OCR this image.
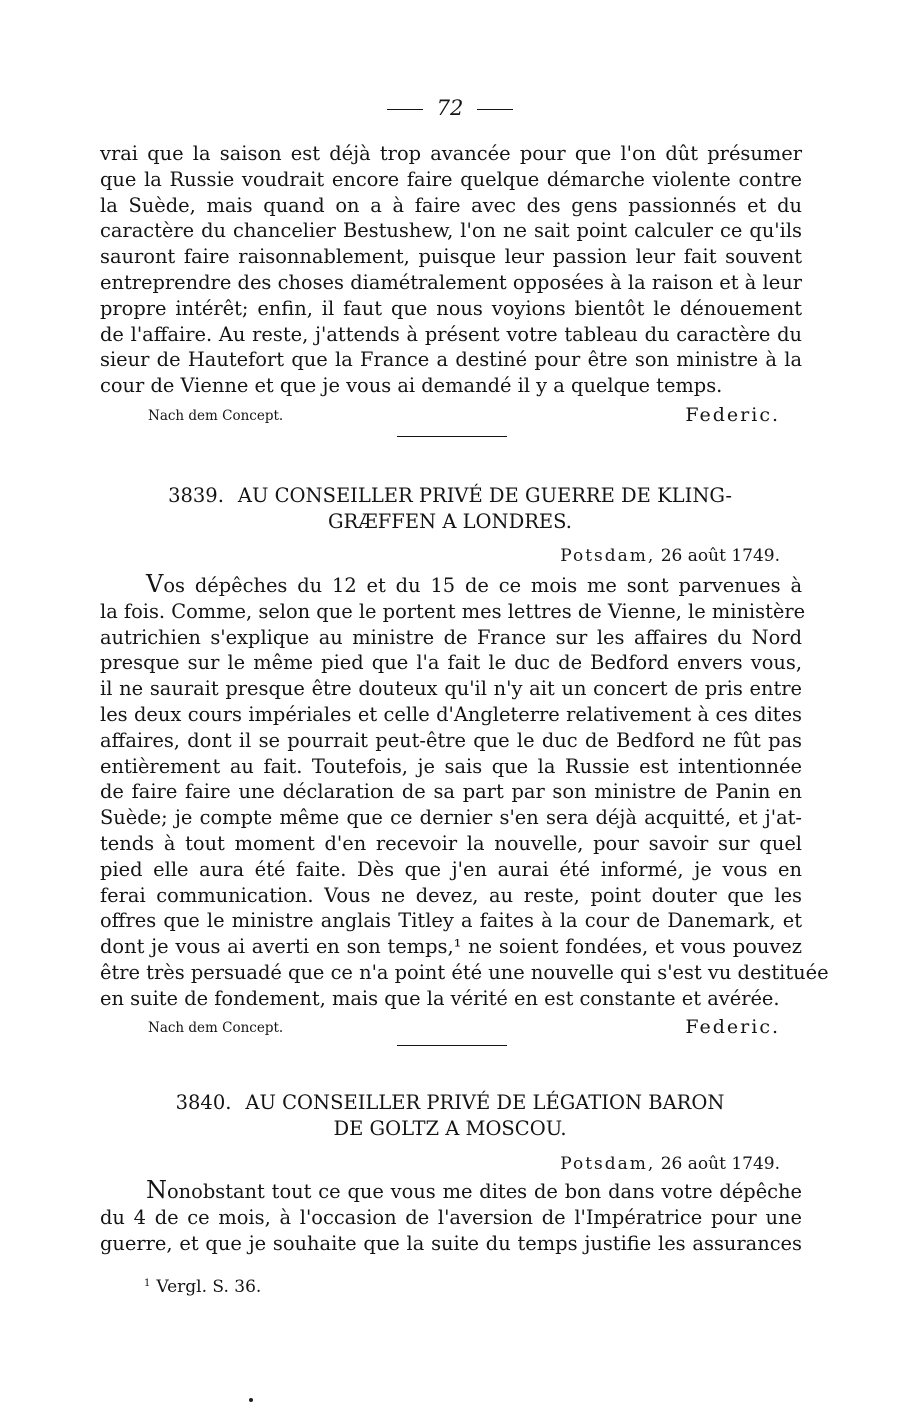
72
vrai que la saison est déjà trop avancée pour que l'on dût présumer
que la Russie voudrait encore faire quelque démarche violente contre
la Suède, mais quand on a à faire avec des gens passionnés et du
caractère du chancelier Bestushew, l'on ne sait point calculer ce qu'ils
sauront faire raisonnablement, puisque leur passion leur fait souvent
entreprendre des choses diamétralement opposées à la raison et à leur
propre intérêt; enfin, il faut que nous voyions bientôt le dénouement
de l'affaire. Au reste, j'attends à présent votre tableau du caractère du
sieur de Hautefort que la France a destiné pour être son ministre à la
cour de Vienne et que je vous ai demandé il y a quelque temps.
Nach dem Concept.	Federic.
3839. AU CONSEILLER PRIVÉ DE GUERRE DE KLING-
GRÆFFEN A LONDRES.
Potsdam, 26 août 1749.
Vos dépêches du 12 et du 15 de ce mois me sont parvenues à
la fois. Comme, selon que le portent mes lettres de Vienne, le ministère
autrichien s'explique au ministre de France sur les affaires du Nord
presque sur le même pied que l'a fait le duc de Bedford envers vous,
il ne saurait presque être douteux qu'il n'y ait un concert de pris entre
les deux cours impériales et celle d'Angleterre relativement à ces dites
affaires, dont il se pourrait peut-être que le duc de Bedford ne fût pas
entièrement au fait. Toutefois, je sais que la Russie est intentionnée
de faire faire une déclaration de sa part par son ministre de Panin en
Suède; je compte même que ce dernier s'en sera déjà acquitté, et j'at-
tends à tout moment d'en recevoir la nouvelle, pour savoir sur quel
pied elle aura été faite. Dès que j'en aurai été informé, je vous en
ferai communication. Vous ne devez, au reste, point douter que les
offres que le ministre anglais Titley a faites à la cour de Danemark, et
dont je vous ai averti en son temps,¹ ne soient fondées, et vous pouvez
être très persuadé que ce n'a point été une nouvelle qui s'est vu destituée
en suite de fondement, mais que la vérité en est constante et avérée.
Nach dem Concept.	Federic.
3840. AU CONSEILLER PRIVÉ DE LÉGATION BARON
DE GOLTZ A MOSCOU.
Potsdam, 26 août 1749.
Nonobstant tout ce que vous me dites de bon dans votre dépêche
du 4 de ce mois, à l'occasion de l'aversion de l'Impératrice pour une
guerre, et que je souhaite que la suite du temps justifie les assurances
$^1$ Vergl. S. 36.
